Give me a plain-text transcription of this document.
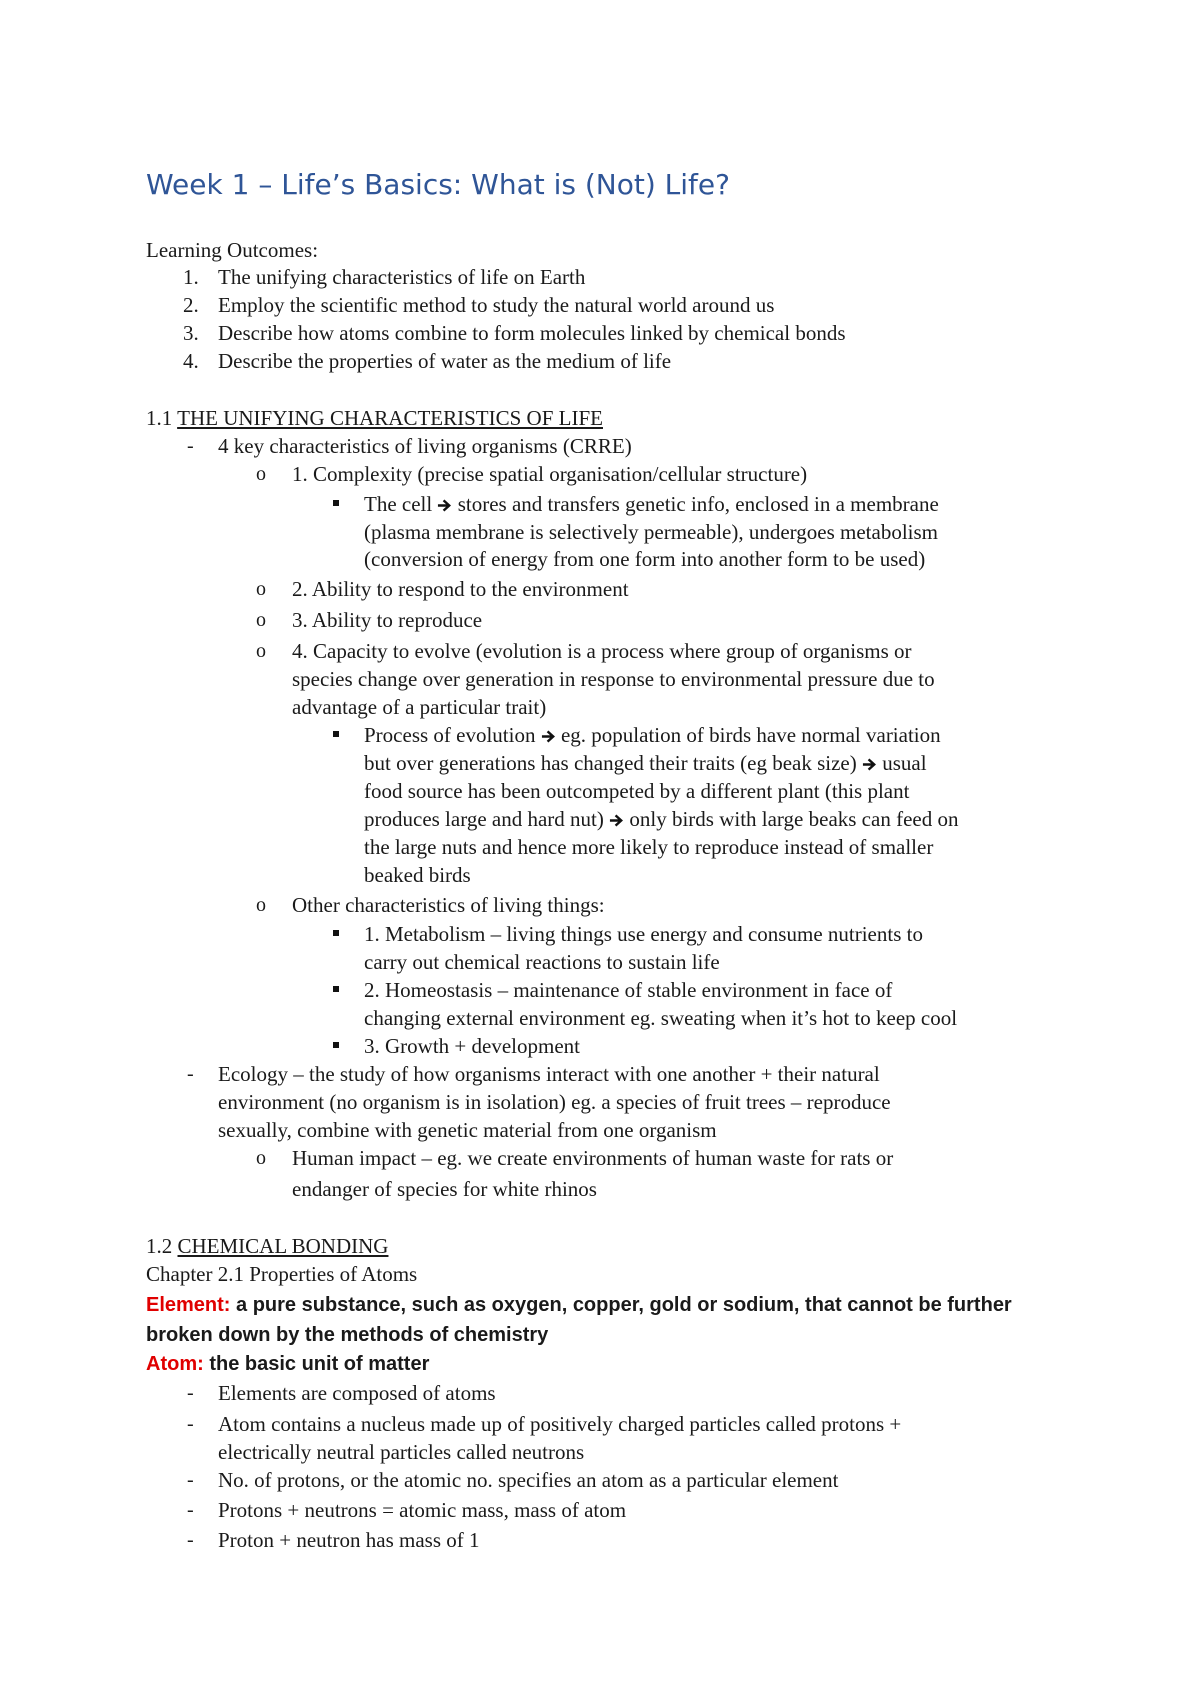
Week 1 – Life’s Basics: What is (Not) Life?
Learning Outcomes:
1. The unifying characteristics of life on Earth
2. Employ the scientific method to study the natural world around us
3. Describe how atoms combine to form molecules linked by chemical bonds
4. Describe the properties of water as the medium of life
1.1 THE UNIFYING CHARACTERISTICS OF LIFE
- 4 key characteristics of living organisms (CRRE)
o 1. Complexity (precise spatial organisation/cellular structure)
The cell  stores and transfers genetic info, enclosed in a membrane
(plasma membrane is selectively permeable), undergoes metabolism
(conversion of energy from one form into another form to be used)
o 2. Ability to respond to the environment
o 3. Ability to reproduce
o 4. Capacity to evolve (evolution is a process where group of organisms or
species change over generation in response to environmental pressure due to
advantage of a particular trait)
Process of evolution  eg. population of birds have normal variation
but over generations has changed their traits (eg beak size)  usual
food source has been outcompeted by a different plant (this plant
produces large and hard nut)  only birds with large beaks can feed on
the large nuts and hence more likely to reproduce instead of smaller
beaked birds
o Other characteristics of living things:
1. Metabolism – living things use energy and consume nutrients to
carry out chemical reactions to sustain life
2. Homeostasis – maintenance of stable environment in face of
changing external environment eg. sweating when it’s hot to keep cool
3. Growth + development
- Ecology – the study of how organisms interact with one another + their natural
environment (no organism is in isolation) eg. a species of fruit trees – reproduce
sexually, combine with genetic material from one organism
o Human impact – eg. we create environments of human waste for rats or
endanger of species for white rhinos
1.2 CHEMICAL BONDING
Chapter 2.1 Properties of Atoms
Element: a pure substance, such as oxygen, copper, gold or sodium, that cannot be further
broken down by the methods of chemistry
Atom: the basic unit of matter
- Elements are composed of atoms
- Atom contains a nucleus made up of positively charged particles called protons +
electrically neutral particles called neutrons
- No. of protons, or the atomic no. specifies an atom as a particular element
- Protons + neutrons = atomic mass, mass of atom
- Proton + neutron has mass of 1
